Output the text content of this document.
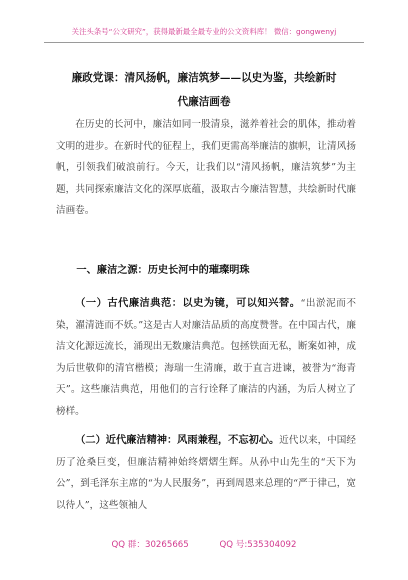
关注头条号“公文研究”，获得最新最全最专业的公文资料库！ 微信：gongwenyj
廉政党课：清风扬帆，廉洁筑梦——以史为鉴，共绘新时
代廉洁画卷
在历史的长河中，廉洁如同一股清泉，滋养着社会的肌体，推动着文明的进步。在新时代的征程上，我们更需高举廉洁的旗帜，让清风扬帆，引领我们破浪前行。今天，让我们以“清风扬帆，廉洁筑梦”为主题，共同探索廉洁文化的深厚底蕴，汲取古今廉洁智慧，共绘新时代廉洁画卷。
一、廉洁之源：历史长河中的璀璨明珠
（一）古代廉洁典范：以史为镜，可以知兴替。“出淤泥而不染，濯清涟而不妖。”这是古人对廉洁品质的高度赞誉。在中国古代，廉洁文化源远流长，涌现出无数廉洁典范。包拯铁面无私，断案如神，成为后世敬仰的清官楷模；海瑞一生清廉，敢于直言进谏，被誉为“海青天”。这些廉洁典范，用他们的言行诠释了廉洁的内涵，为后人树立了榜样。
（二）近代廉洁精神：风雨兼程，不忘初心。近代以来，中国经历了沧桑巨变，但廉洁精神始终熠熠生辉。从孙中山先生的“天下为公”，到毛泽东主席的“为人民服务”，再到周恩来总理的“严于律己，宽以待人”，这些领袖人
QQ 群：30265665	QQ 号:535304092
